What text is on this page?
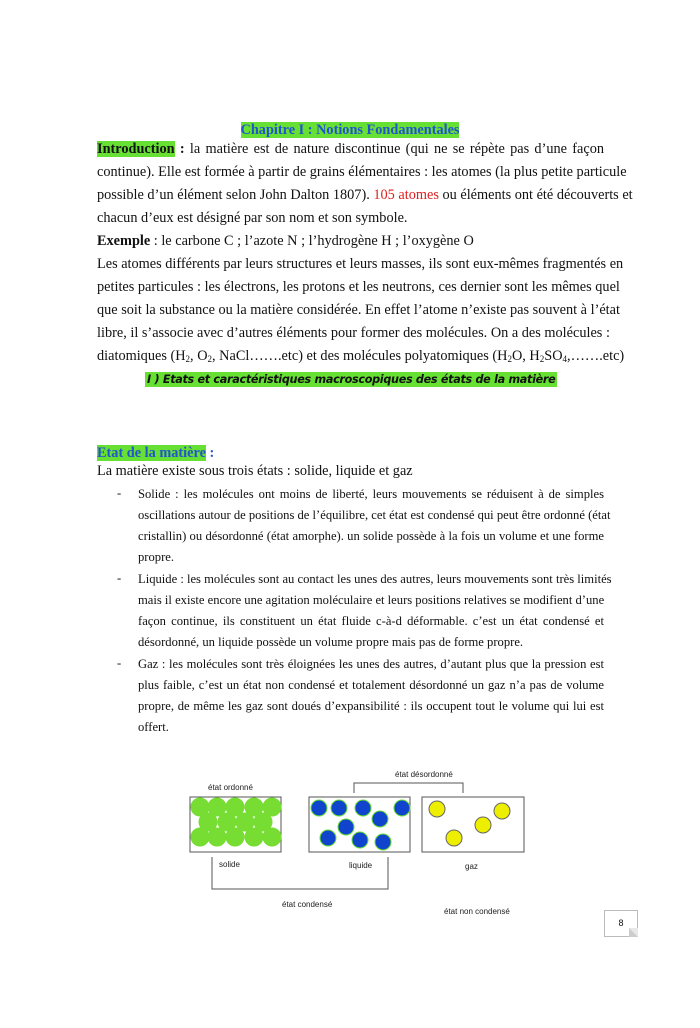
Chapitre I : Notions Fondamentales
Introduction : la matière est de nature discontinue (qui ne se répète pas d’une façon
continue). Elle est formée à partir de grains élémentaires : les atomes (la plus petite particule
possible d’un élément selon John Dalton 1807). 105 atomes ou éléments ont été découverts et
chacun d’eux est désigné par son nom et son symbole.
Exemple : le carbone C ; l’azote N ; l’hydrogène H ; l’oxygène O
Les atomes différents par leurs structures et leurs masses, ils sont eux-mêmes fragmentés en
petites particules : les électrons, les protons et les neutrons, ces dernier sont les mêmes quel
que soit la substance ou la matière considérée. En effet l’atome n’existe pas souvent à l’état
libre, il s’associe avec d’autres éléments pour former des molécules. On a des molécules :
diatomiques ($H_2$, $O_2$, NaCl…….etc) et des molécules polyatomiques ($H_2O$, $H_2SO_4,\dots\dots.etc$)
I ) Etats et caractéristiques macroscopiques des états de la matière
Etat de la matière :
La matière existe sous trois états : solide, liquide et gaz
- Solide : les molécules ont moins de liberté, leurs mouvements se réduisent à de simples
oscillations autour de positions de l’équilibre, cet état est condensé qui peut être ordonné (état
cristallin) ou désordonné (état amorphe). un solide possède à la fois un volume et une forme
propre.
- Liquide : les molécules sont au contact les unes des autres, leurs mouvements sont très limités
mais il existe encore une agitation moléculaire et leurs positions relatives se modifient d’une
façon continue, ils constituent un état fluide c-à-d déformable. c’est un état condensé et
désordonné, un liquide possède un volume propre mais pas de forme propre.
- Gaz : les molécules sont très éloignées les unes des autres, d’autant plus que la pression est
plus faible, c’est un état non condensé et totalement désordonné un gaz n’a pas de volume
propre, de même les gaz sont doués d’expansibilité : ils occupent tout le volume qui lui est
offert.
état ordonné
état désordonné
solide	liquide	gaz
état condensé
état non condensé
8
